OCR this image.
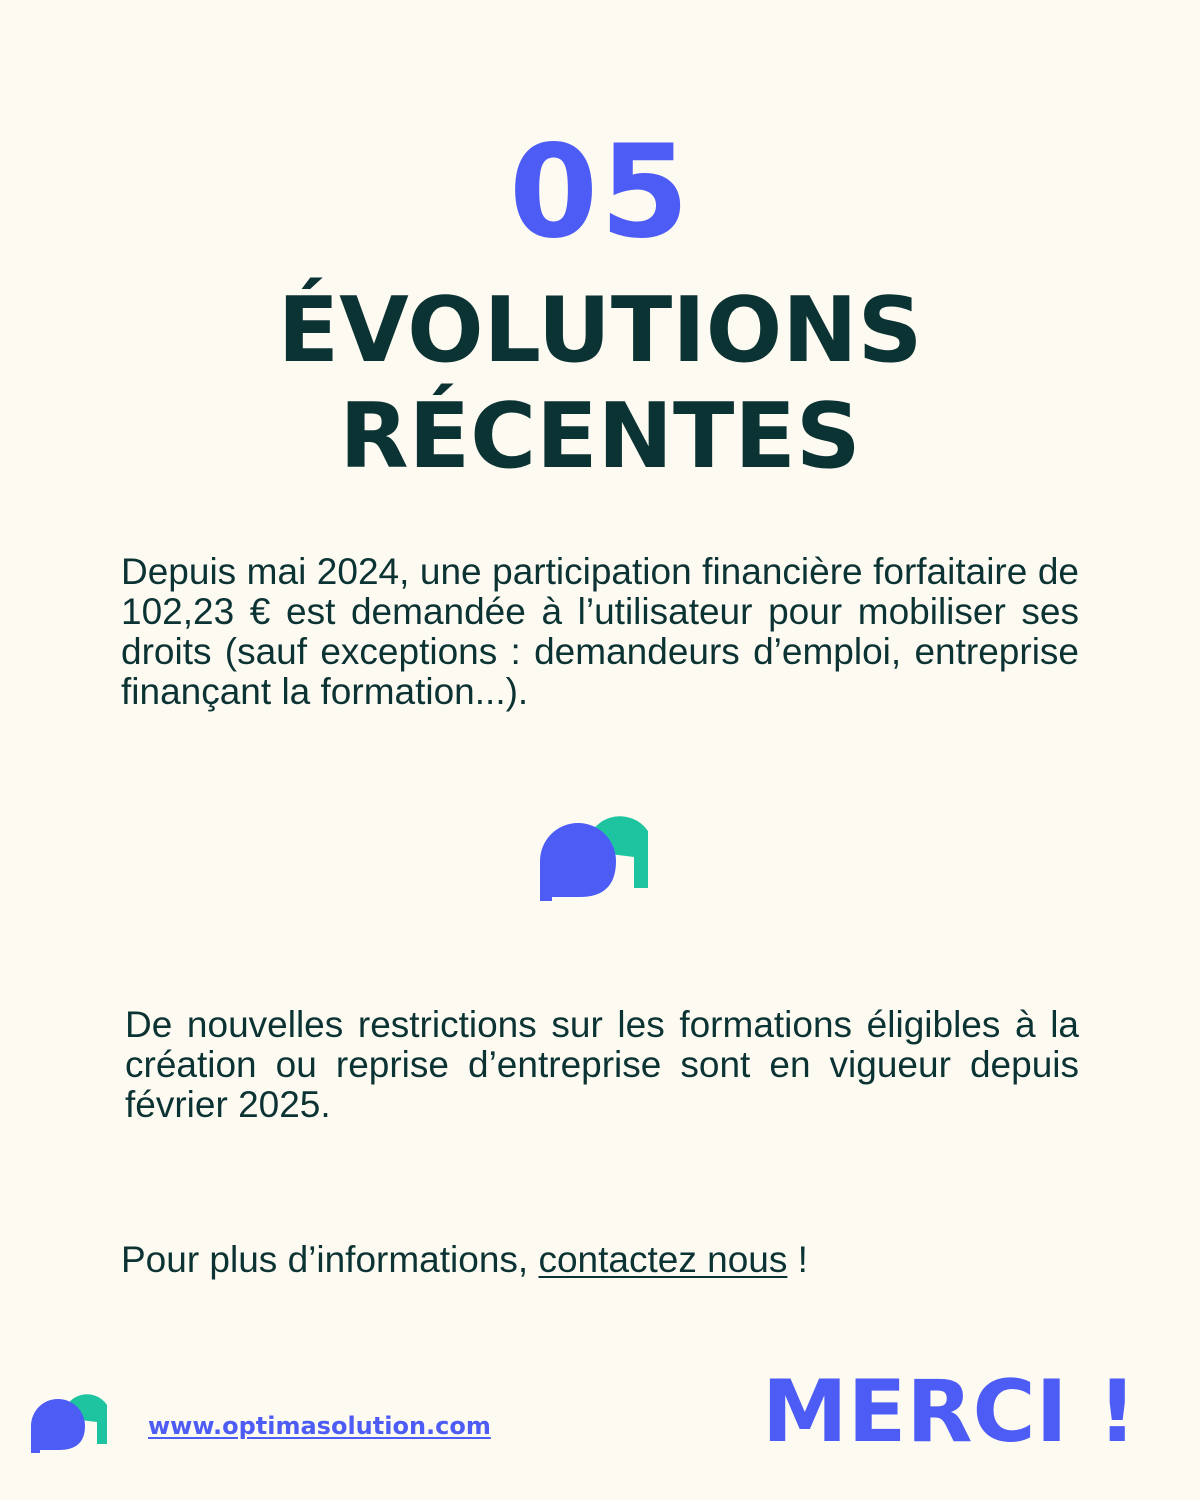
05
ÉVOLUTIONS
RÉCENTES
Depuis mai 2024, une participation financière forfaitaire de 102,23 € est demandée à l’utilisateur pour mobiliser ses droits (sauf exceptions : demandeurs d’emploi, entreprise finançant la formation...).
De nouvelles restrictions sur les formations éligibles à la création ou reprise d’entreprise sont en vigueur depuis février 2025.
Pour plus d’informations, contactez nous !
www.optimasolution.com	MERCI !
